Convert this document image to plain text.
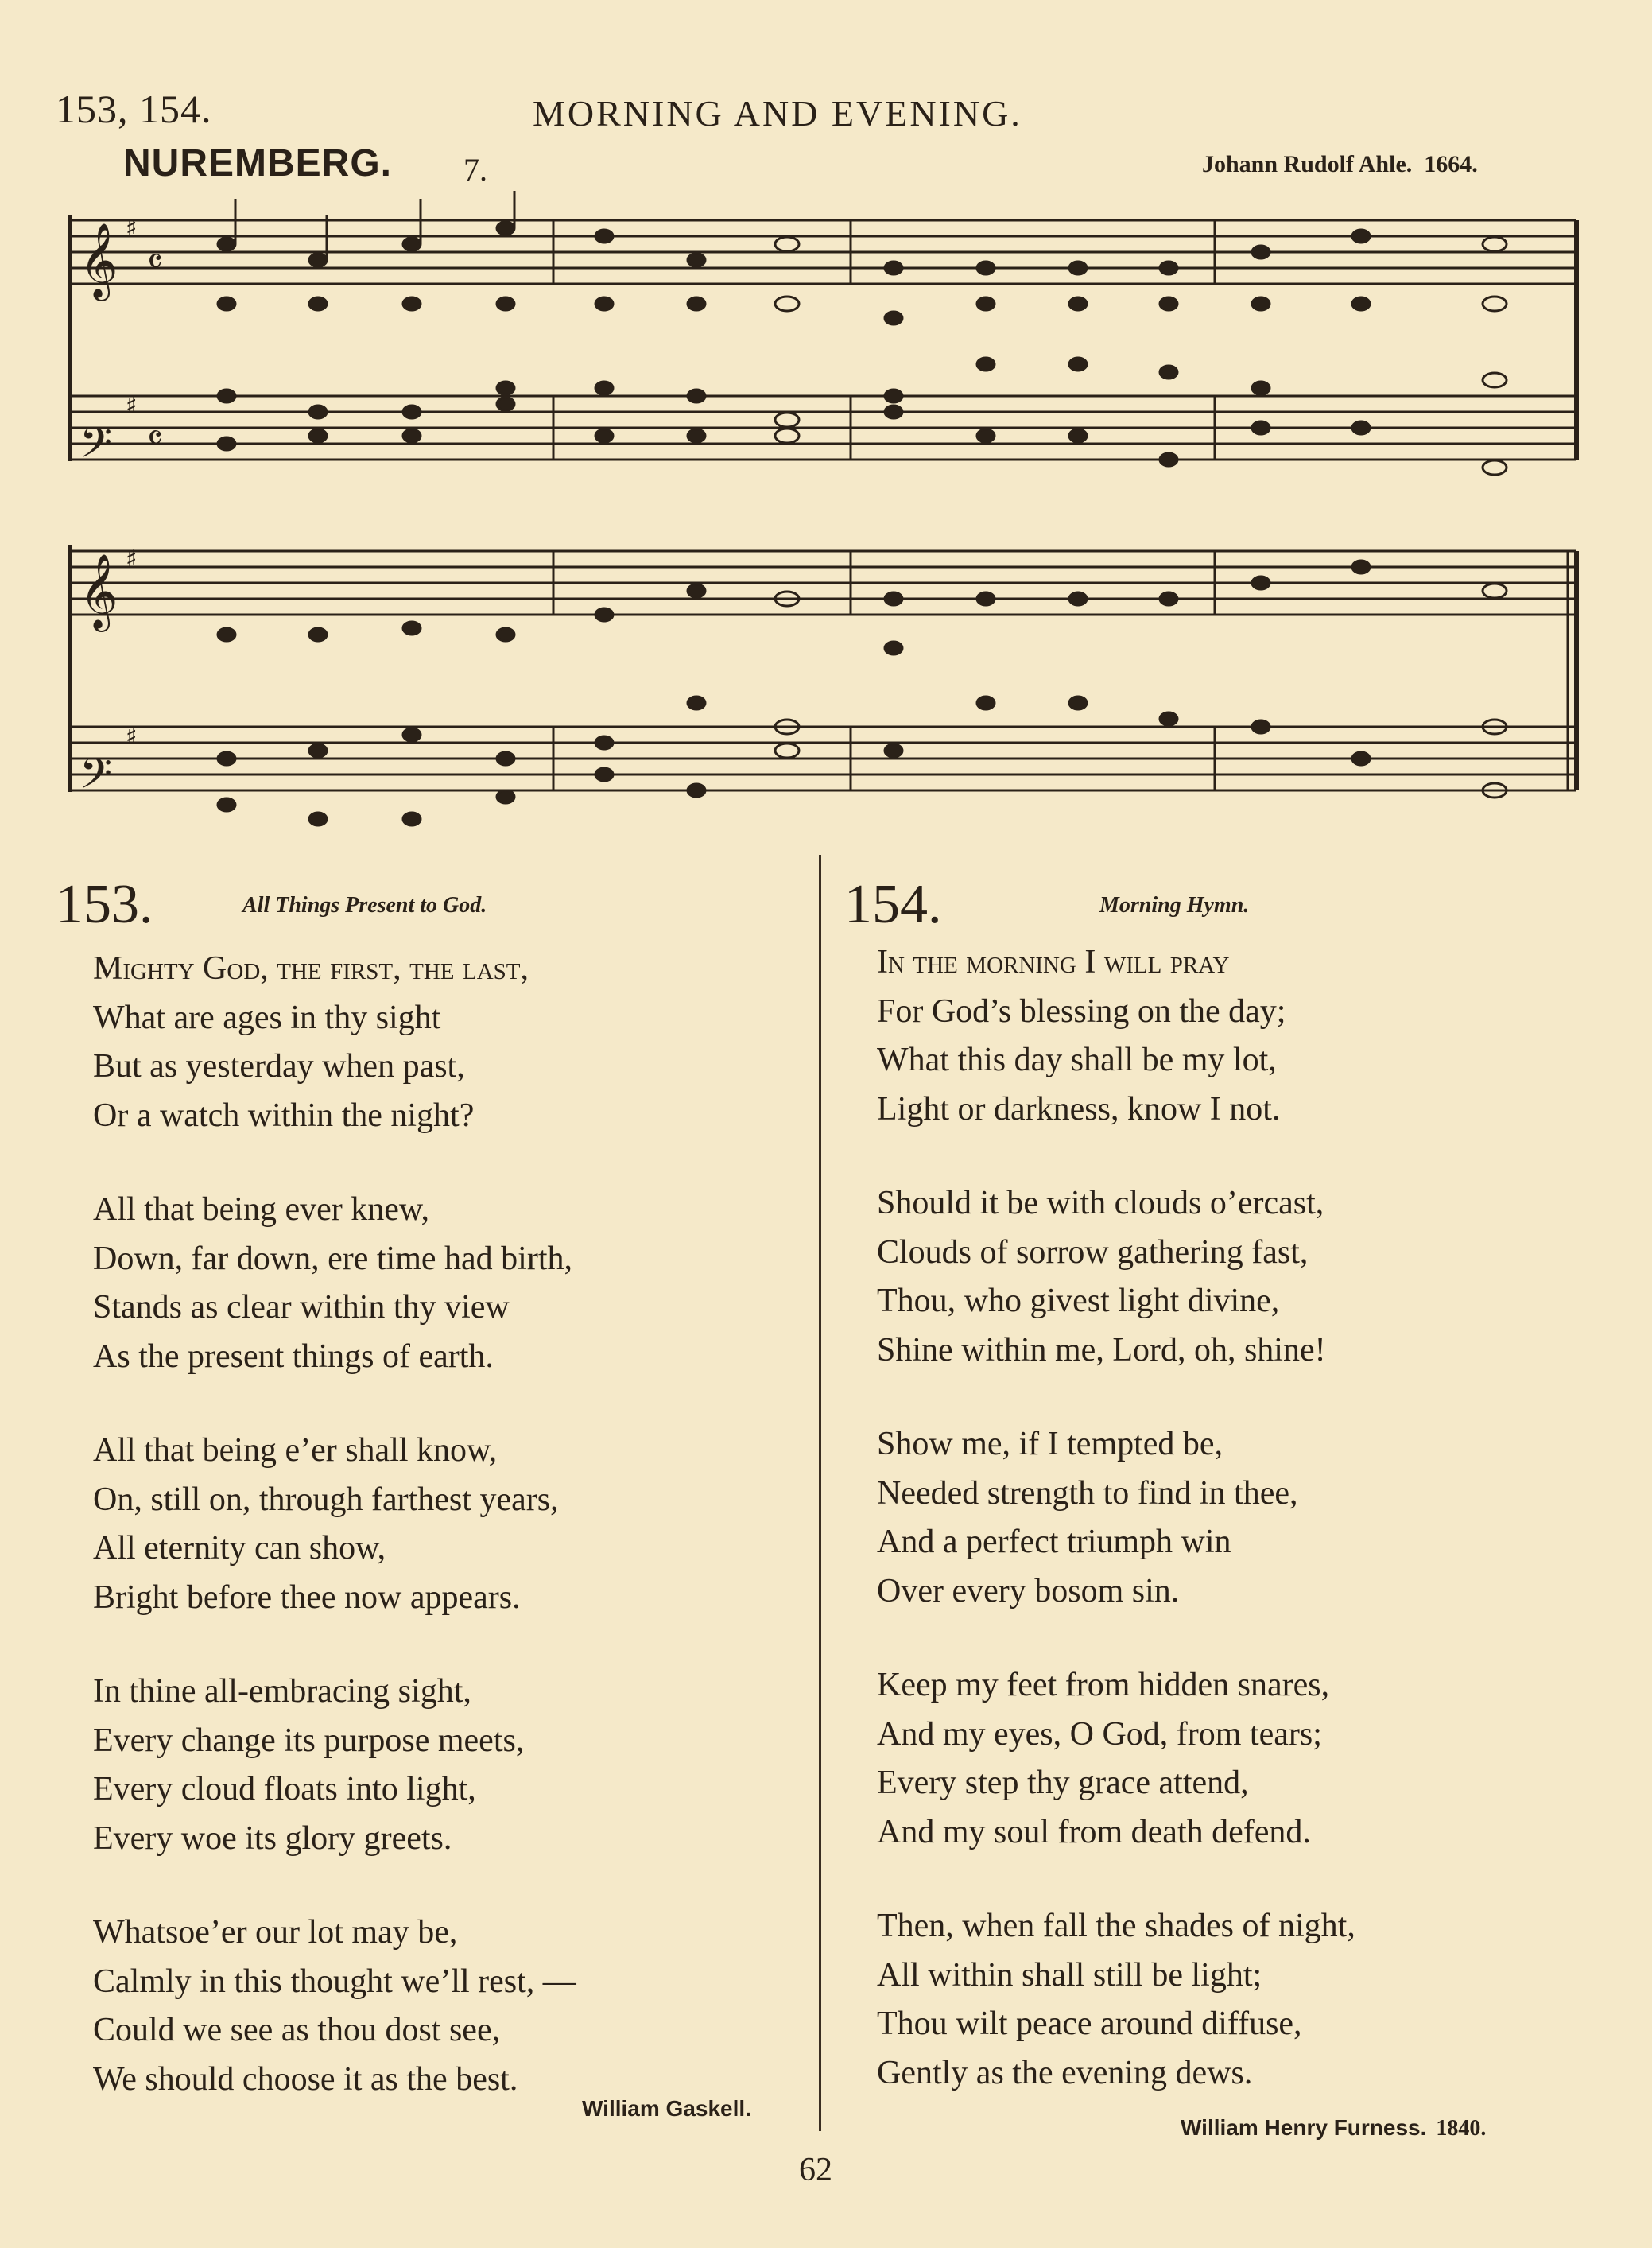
153, 154.	MORNING AND EVENING.
NUREMBERG. 7.	Johann Rudolf Ahle. 1664.
𝄞
𝄢
𝄞
𝄢
♯
♯
♯
♯
𝄴
𝄴
153.	All Things Present to God.

Mighty God, the first, the last,
What are ages in thy sight
But as yesterday when past,
Or a watch within the night?

All that being ever knew,
Down, far down, ere time had birth,
Stands as clear within thy view
As the present things of earth.

All that being e’er shall know,
On, still on, through farthest years,
All eternity can show,
Bright before thee now appears.

In thine all-embracing sight,
Every change its purpose meets,
Every cloud floats into light,
Every woe its glory greets.

Whatsoe’er our lot may be,
Calmly in this thought we’ll rest, —
Could we see as thou dost see,
We should choose it as the best.

William Gaskell.
154.	Morning Hymn.

In the morning I will pray
For God’s blessing on the day;
What this day shall be my lot,
Light or darkness, know I not.

Should it be with clouds o’ercast,
Clouds of sorrow gathering fast,
Thou, who givest light divine,
Shine within me, Lord, oh, shine!

Show me, if I tempted be,
Needed strength to find in thee,
And a perfect triumph win
Over every bosom sin.

Keep my feet from hidden snares,
And my eyes, O God, from tears;
Every step thy grace attend,
And my soul from death defend.

Then, when fall the shades of night,
All within shall still be light;
Thou wilt peace around diffuse,
Gently as the evening dews.

William Henry Furness. 1840.
62
